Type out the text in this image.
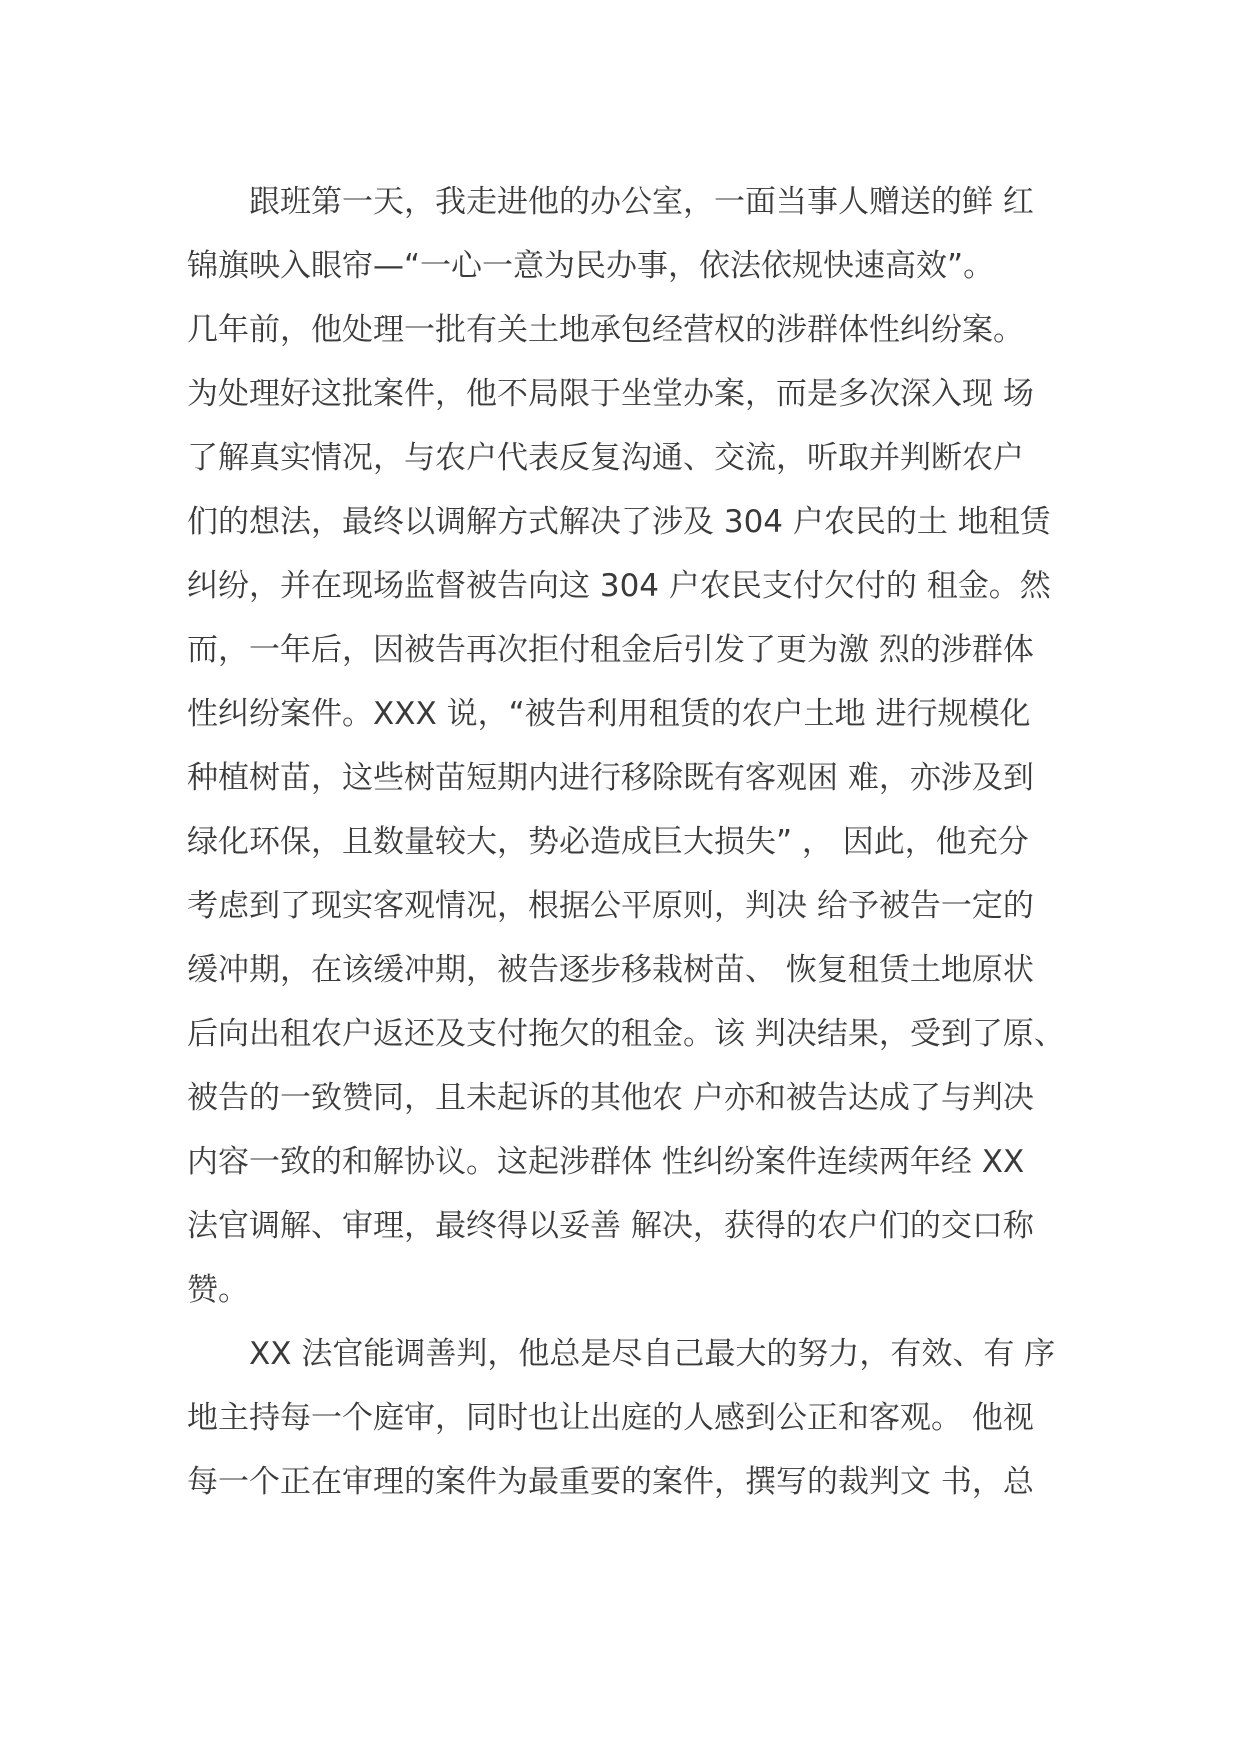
　　跟班第一天，我走进他的办公室，一面当事人赠送的鲜 红
锦旗映入眼帘—“一心一意为民办事，依法依规快速高效”。
几年前，他处理一批有关土地承包经营权的涉群体性纠纷案。
为处理好这批案件，他不局限于坐堂办案，而是多次深入现 场
了解真实情况，与农户代表反复沟通、交流，听取并判断农户
们的想法，最终以调解方式解决了涉及 304 户农民的土 地租赁
纠纷，并在现场监督被告向这 304 户农民支付欠付的 租金。然
而，一年后，因被告再次拒付租金后引发了更为激 烈的涉群体
性纠纷案件。XXX 说，“被告利用租赁的农户土地 进行规模化
种植树苗，这些树苗短期内进行移除既有客观困 难，亦涉及到
绿化环保，且数量较大，势必造成巨大损失” ， 因此，他充分
考虑到了现实客观情况，根据公平原则，判决 给予被告一定的
缓冲期，在该缓冲期，被告逐步移栽树苗、 恢复租赁土地原状
后向出租农户返还及支付拖欠的租金。该 判决结果，受到了原、
被告的一致赞同，且未起诉的其他农 户亦和被告达成了与判决
内容一致的和解协议。这起涉群体 性纠纷案件连续两年经 XX
法官调解、审理，最终得以妥善 解决，获得的农户们的交口称
赞。
　　XX 法官能调善判，他总是尽自己最大的努力，有效、有 序
地主持每一个庭审，同时也让出庭的人感到公正和客观。 他视
每一个正在审理的案件为最重要的案件，撰写的裁判文 书，总
